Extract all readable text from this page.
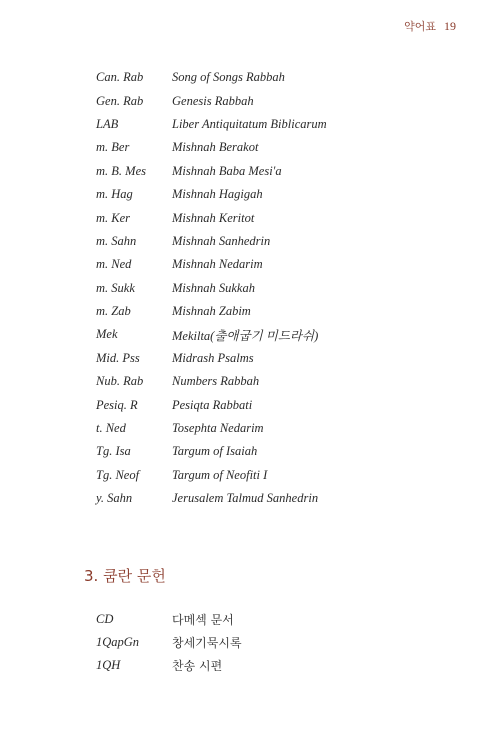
약어표 19
Can. Rab	Song of Songs Rabbah
Gen. Rab	Genesis Rabbah
LAB	Liber Antiquitatum Biblicarum
m. Ber	Mishnah Berakot
m. B. Mes	Mishnah Baba Mesi'a
m. Hag	Mishnah Hagigah
m. Ker	Mishnah Keritot
m. Sahn	Mishnah Sanhedrin
m. Ned	Mishnah Nedarim
m. Sukk	Mishnah Sukkah
m. Zab	Mishnah Zabim
Mek	Mekilta(출애굽기 미드라쉬)
Mid. Pss	Midrash Psalms
Nub. Rab	Numbers Rabbah
Pesiq. R	Pesiqta Rabbati
t. Ned	Tosephta Nedarim
Tg. Isa	Targum of Isaiah
Tg. Neof	Targum of Neofiti I
y. Sahn	Jerusalem Talmud Sanhedrin
3. 쿰란 문헌
CD	다메섹 문서
1QapGn	창세기묵시록
1QH	찬송 시편
